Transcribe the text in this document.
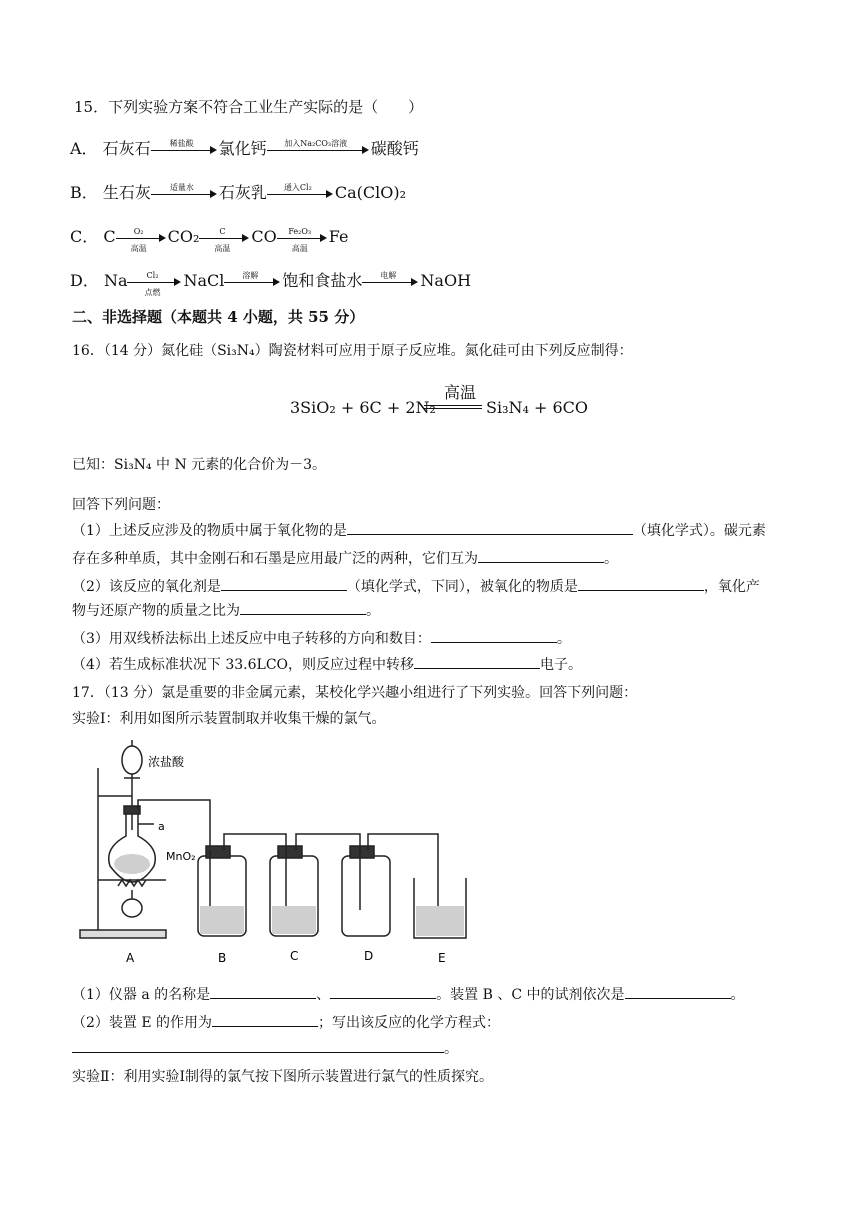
15．下列实验方案不符合工业生产实际的是（　　）
A． 石灰石	稀盐酸	氯化钙	加入Na₂CO₃溶液	碳酸钙
B． 生石灰	适量水	石灰乳	通入Cl₂	Ca(ClO)₂
C． C	O₂
高温
CO₂	C
高温
CO	Fe₂O₃
高温
Fe
D． Na	Cl₂
点燃
NaCl	溶解	饱和食盐水	电解	NaOH
二、非选择题（本题共 4 小题，共 55 分）
16．（14 分）氮化硅（Si₃N₄）陶瓷材料可应用于原子反应堆。氮化硅可由下列反应制得：
3SiO₂ + 6C + 2N₂
高温
Si₃N₄ + 6CO
已知：Si₃N₄ 中 N 元素的化合价为－3。
回答下列问题：
（1）上述反应涉及的物质中属于氧化物的是	（填化学式）。碳元素
存在多种单质，其中金刚石和石墨是应用最广泛的两种，它们互为	。
（2）该反应的氧化剂是	（填化学式，下同），被氧化的物质是	，氧化产
物与还原产物的质量之比为	。
（3）用双线桥法标出上述反应中电子转移的方向和数目：	。
（4）若生成标准状况下 33.6LCO，则反应过程中转移	电子。
17．（13 分）氯是重要的非金属元素，某校化学兴趣小组进行了下列实验。回答下列问题：
实验Ⅰ：利用如图所示装置制取并收集干燥的氯气。
浓盐酸
a
MnO₂
A	B	C	D	E
（1）仪器 a 的名称是	、	。装置 B 、C 中的试剂依次是	。
（2）装置 E 的作用为	；写出该反应的化学方程式：
。
实验Ⅱ：利用实验Ⅰ制得的氯气按下图所示装置进行氯气的性质探究。
